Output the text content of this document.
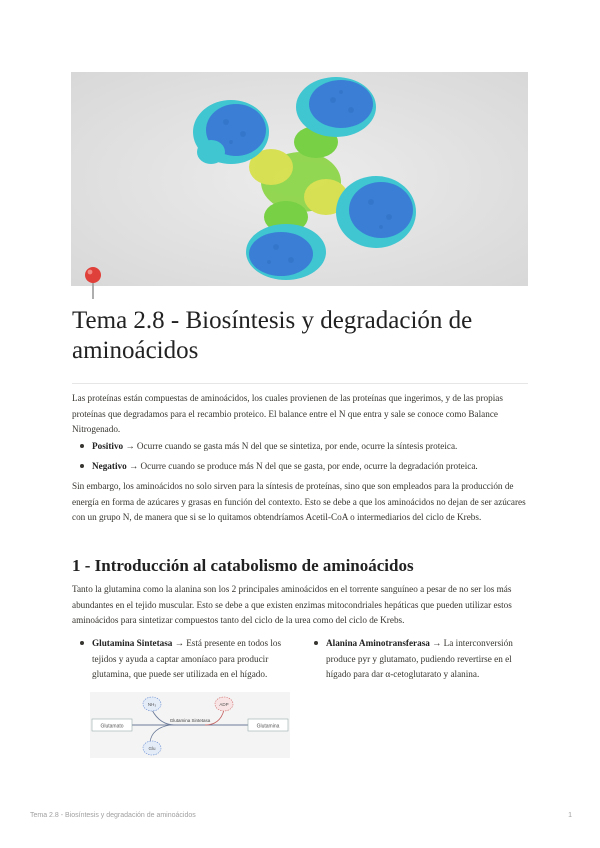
Tema 2.8 - Biosíntesis y degradación de aminoácidos

Las proteínas están compuestas de aminoácidos, los cuales provienen de las proteínas que ingerimos, y de las propias proteínas que degradamos para el recambio proteico. El balance entre el N que entra y sale se conoce como Balance Nitrogenado.

Positivo → Ocurre cuando se gasta más N del que se sintetiza, por ende, ocurre la síntesis proteica.
Negativo → Ocurre cuando se produce más N del que se gasta, por ende, ocurre la degradación proteica.

Sin embargo, los aminoácidos no solo sirven para la síntesis de proteínas, sino que son empleados para la producción de energía en forma de azúcares y grasas en función del contexto. Esto se debe a que los aminoácidos no dejan de ser azúcares con un grupo N, de manera que si se lo quitamos obtendríamos Acetil-CoA o intermediarios del ciclo de Krebs.

1 - Introducción al catabolismo de aminoácidos

Tanto la glutamina como la alanina son los 2 principales aminoácidos en el torrente sanguíneo a pesar de no ser los más abundantes en el tejido muscular. Esto se debe a que existen enzimas mitocondriales hepáticas que pueden utilizar estos aminoácidos para sintetizar compuestos tanto del ciclo de la urea como del ciclo de Krebs.

Glutamina Sintetasa → Está presente en todos los tejidos y ayuda a captar amoníaco para producir glutamina, que puede ser utilizada en el hígado.
Alanina Aminotransferasa → La interconversión produce pyr y glutamato, pudiendo revertirse en el hígado para dar α-cetoglutarato y alanina.
Glutamato	Glutamina
NH₃	ADP
Glu
Glutamina Sintetasa
Tema 2.8 - Biosíntesis y degradación de aminoácidos	1
